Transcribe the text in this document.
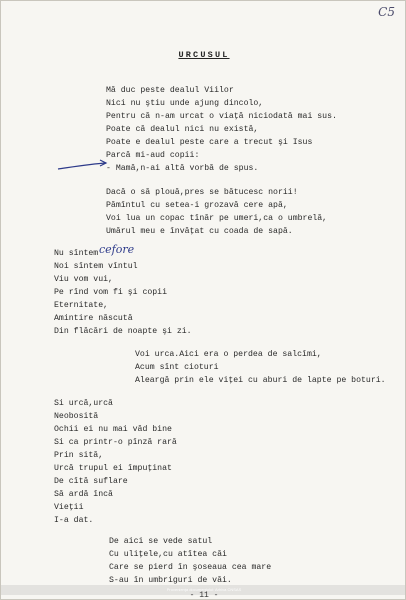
C5
URCUSUL
Mă duc peste dealul Viilor
Nici nu ştiu unde ajung dincolo,
Pentru că n-am urcat o viaţă niciodată mai sus.
Poate că dealul nici nu există,
Poate e dealul peste care a trecut şi Isus
Parcă mi-aud copii:
- Mamă,n-ai altă vorbă de spus.
Dacă o să plouă,pres se bătucesc norii!
Pămîntul cu setea-i grozavă cere apă,
Voi lua un copac tînăr pe umeri,ca o umbrelă,
Umărul meu e învăţat cu coada de sapă.
Nu sîntem cefore
Noi sîntem vîntul
Viu vom vui,
Pe rînd vom fi şi copii
Eternitate,
Amintire născută
Din flăcări de noapte şi zi.
Voi urca.Aici era o perdea de salcîmi,
Acum sînt cioturi
Aleargă prin ele viţei cu aburi de lapte pe boturi.
Si urcă,urcă
Neobosită
Ochii ei nu mai văd bine
Si ca printr-o pînză rară
Prin sită,
Urcă trupul ei împuţinat
De cîtă suflare
Să ardă încă
Vieţii
I-a dat.
De aici se vede satul
Cu uliţele,cu atîtea căi
Care se pierd în şoseaua cea mare
S-au în umbriguri de văi.
Provenienţa documentului: Arhiva CNSAS
- 11 -
